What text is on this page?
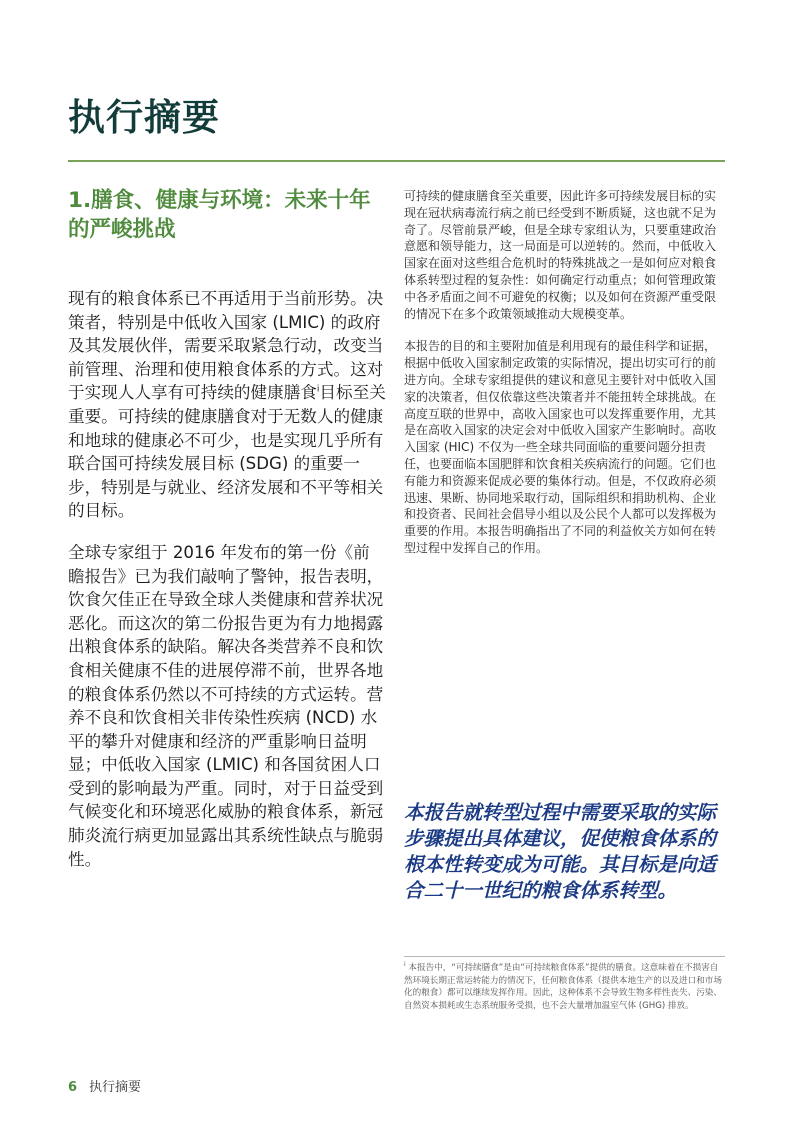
执行摘要
1.膳食、健康与环境：未来十年的严峻挑战

现有的粮食体系已不再适用于当前形势。决策者，特别是中低收入国家 (LMIC) 的政府及其发展伙伴，需要采取紧急行动，改变当前管理、治理和使用粮食体系的方式。这对于实现人人享有可持续的健康膳食$^i$目标至关重要。可持续的健康膳食对于无数人的健康和地球的健康必不可少，也是实现几乎所有联合国可持续发展目标 (SDG) 的重要一步，特别是与就业、经济发展和不平等相关的目标。

全球专家组于 2016 年发布的第一份《前瞻报告》已为我们敲响了警钟，报告表明，饮食欠佳正在导致全球人类健康和营养状况恶化。而这次的第二份报告更为有力地揭露出粮食体系的缺陷。解决各类营养不良和饮食相关健康不佳的进展停滞不前，世界各地的粮食体系仍然以不可持续的方式运转。营养不良和饮食相关非传染性疾病 (NCD) 水平的攀升对健康和经济的严重影响日益明显；中低收入国家 (LMIC) 和各国贫困人口受到的影响最为严重。同时，对于日益受到气候变化和环境恶化威胁的粮食体系，新冠肺炎流行病更加显露出其系统性缺点与脆弱性。

可持续的健康膳食至关重要，因此许多可持续发展目标的实现在冠状病毒流行病之前已经受到不断质疑，这也就不足为奇了。尽管前景严峻，但是全球专家组认为，只要重建政治意愿和领导能力，这一局面是可以逆转的。然而，中低收入国家在面对这些组合危机时的特殊挑战之一是如何应对粮食体系转型过程的复杂性：如何确定行动重点；如何管理政策中各矛盾面之间不可避免的权衡；以及如何在资源严重受限的情况下在多个政策领域推动大规模变革。

本报告的目的和主要附加值是利用现有的最佳科学和证据，根据中低收入国家制定政策的实际情况，提出切实可行的前进方向。全球专家组提供的建议和意见主要针对中低收入国家的决策者，但仅依靠这些决策者并不能扭转全球挑战。在高度互联的世界中，高收入国家也可以发挥重要作用，尤其是在高收入国家的决定会对中低收入国家产生影响时。高收入国家 (HIC) 不仅为一些全球共同面临的重要问题分担责任，也要面临本国肥胖和饮食相关疾病流行的问题。它们也有能力和资源来促成必要的集体行动。但是，不仅政府必须迅速、果断、协同地采取行动，国际组织和捐助机构、企业和投资者、民间社会倡导小组以及公民个人都可以发挥极为重要的作用。本报告明确指出了不同的利益攸关方如何在转型过程中发挥自己的作用。

本报告就转型过程中需要采取的实际步骤提出具体建议，促使粮食体系的根本性转变成为可能。其目标是向适合二十一世纪的粮食体系转型。

$^i$ 本报告中，“可持续膳食”是由“可持续粮食体系”提供的膳食。这意味着在不损害自然环境长期正常运转能力的情况下，任何粮食体系（提供本地生产的以及进口和市场化的粮食）都可以继续发挥作用。因此，这种体系不会导致生物多样性丧失、污染、自然资本损耗或生态系统服务受损，也不会大量增加温室气体 (GHG) 排放。

6 执行摘要
